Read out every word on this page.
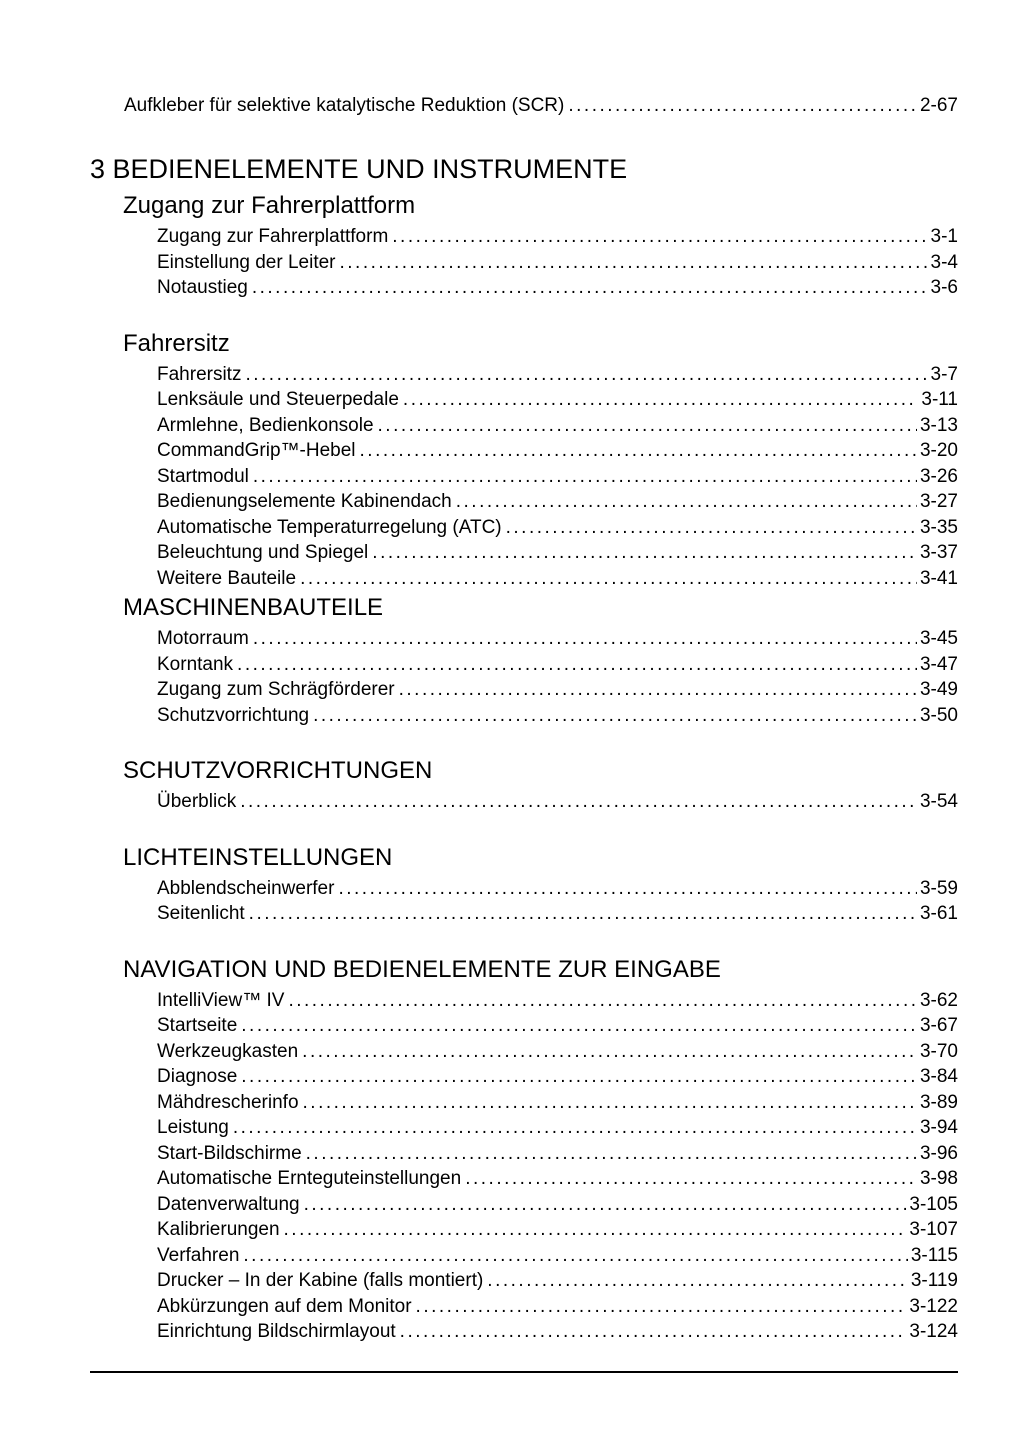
Aufkleber für selektive katalytische Reduktion (SCR) .....	2-67
3 BEDIENELEMENTE UND INSTRUMENTE
Zugang zur Fahrerplattform
Zugang zur Fahrerplattform .....	3-1
Einstellung der Leiter .....	3-4
Notaustieg .....	3-6
Fahrersitz
Fahrersitz .....	3-7
Lenksäule und Steuerpedale .....	3-11
Armlehne, Bedienkonsole .....	3-13
CommandGrip™-Hebel .....	3-20
Startmodul .....	3-26
Bedienungselemente Kabinendach .....	3-27
Automatische Temperaturregelung (ATC) .....	3-35
Beleuchtung und Spiegel .....	3-37
Weitere Bauteile .....	3-41
MASCHINENBAUTEILE
Motorraum .....	3-45
Korntank .....	3-47
Zugang zum Schrägförderer .....	3-49
Schutzvorrichtung .....	3-50
SCHUTZVORRICHTUNGEN
Überblick .....	3-54
LICHTEINSTELLUNGEN
Abblendscheinwerfer .....	3-59
Seitenlicht .....	3-61
NAVIGATION UND BEDIENELEMENTE ZUR EINGABE
IntelliView™ IV .....	3-62
Startseite .....	3-67
Werkzeugkasten .....	3-70
Diagnose .....	3-84
Mähdrescherinfo .....	3-89
Leistung .....	3-94
Start-Bildschirme .....	3-96
Automatische Ernteguteinstellungen .....	3-98
Datenverwaltung .....	3-105
Kalibrierungen .....	3-107
Verfahren .....	3-115
Drucker – In der Kabine (falls montiert) .....	3-119
Abkürzungen auf dem Monitor .....	3-122
Einrichtung Bildschirmlayout .....	3-124
